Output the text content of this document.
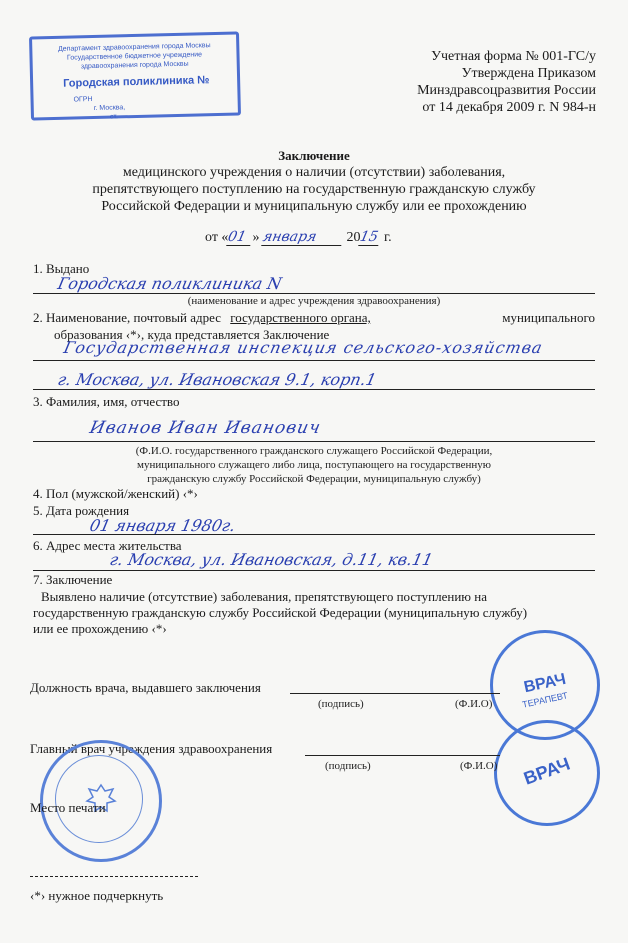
Департамент здравоохранения города Москвы
Государственное бюджетное учреждение
здравоохранения города Москвы
Городская поликлиника №
ОГРН
г. Москва,
ст.
Учетная форма № 001-ГС/у
Утверждена Приказом
Минздравсоцразвития России
от 14 декабря 2009 г. N 984-н
Заключение
медицинского учреждения о наличии (отсутствии) заболевания,
препятствующего поступлению на государственную гражданскую службу
Российской Федерации и муниципальную службу или ее прохождению
от «01 » января 2015 г.
1. Выдано
Городская поликлиника N
(наименование и адрес учреждения здравоохранения)
2. Наименование, почтовый адрес государственного органа,	муниципального
образования ‹*›, куда представляется Заключение
Государственная инспекция сельского-хозяйства
г. Москва, ул. Ивановская 9.1, корп.1
3. Фамилия, имя, отчество
Иванов Иван Иванович
(Ф.И.О. государственного гражданского служащего Российской Федерации,
муниципального служащего либо лица, поступающего на государственную
гражданскую службу Российской Федерации, муниципальную службу)
4. Пол (мужской/женский) ‹*›
5. Дата рождения
01 января 1980г.
6. Адрес места жительства
г. Москва, ул. Ивановская, д.11, кв.11
7. Заключение
Выявлено наличие (отсутствие) заболевания, препятствующего поступлению на
государственную гражданскую службу Российской Федерации (муниципальную службу)
или ее прохождению ‹*›
ВРАЧ
ТЕРАПЕВТ
Должность врача, выдавшего заключения
(подпись)	(Ф.И.О)
ВРАЧ
Главный врач учреждения здравоохранения
(подпись)	(Ф.И.О)
Место печати
‹*› нужное подчеркнуть
